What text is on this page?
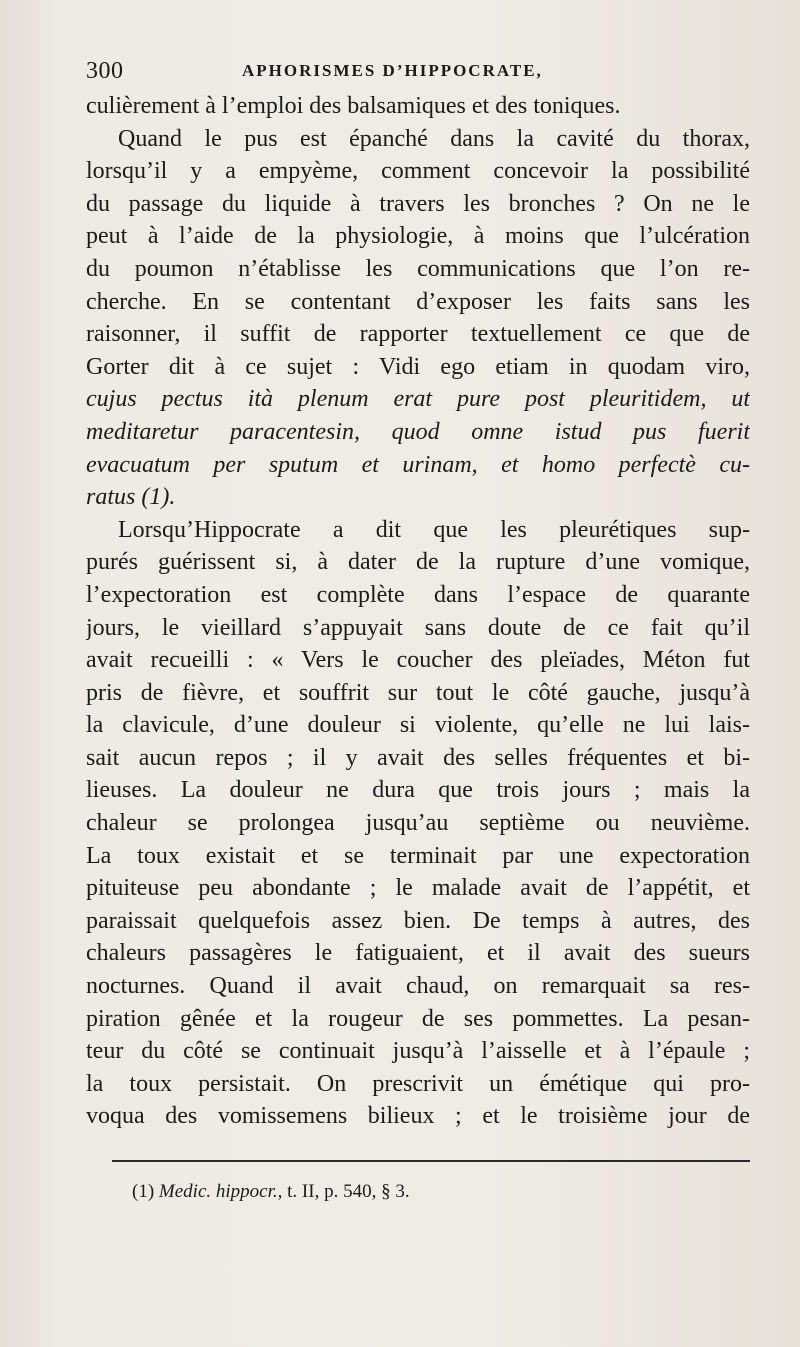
300	APHORISMES D’HIPPOCRATE,
culièrement à l’emploi des balsamiques et des toniques.
Quand le pus est épanché dans la cavité du thorax,
lorsqu’il y a empyème, comment concevoir la possibilité
du passage du liquide à travers les bronches ? On ne le
peut à l’aide de la physiologie, à moins que l’ulcération
du poumon n’établisse les communications que l’on re-
cherche. En se contentant d’exposer les faits sans les
raisonner, il suffit de rapporter textuellement ce que de
Gorter dit à ce sujet : Vidi ego etiam in quodam viro,
cujus pectus ità plenum erat pure post pleuritidem, ut
meditaretur paracentesin, quod omne istud pus fuerit
evacuatum per sputum et urinam, et homo perfectè cu-
ratus (1).
Lorsqu’Hippocrate a dit que les pleurétiques sup-
purés guérissent si, à dater de la rupture d’une vomique,
l’expectoration est complète dans l’espace de quarante
jours, le vieillard s’appuyait sans doute de ce fait qu’il
avait recueilli : « Vers le coucher des pleïades, Méton fut
pris de fièvre, et souffrit sur tout le côté gauche, jusqu’à
la clavicule, d’une douleur si violente, qu’elle ne lui lais-
sait aucun repos ; il y avait des selles fréquentes et bi-
lieuses. La douleur ne dura que trois jours ; mais la
chaleur se prolongea jusqu’au septième ou neuvième.
La toux existait et se terminait par une expectoration
pituiteuse peu abondante ; le malade avait de l’appétit, et
paraissait quelquefois assez bien. De temps à autres, des
chaleurs passagères le fatiguaient, et il avait des sueurs
nocturnes. Quand il avait chaud, on remarquait sa res-
piration gênée et la rougeur de ses pommettes. La pesan-
teur du côté se continuait jusqu’à l’aisselle et à l’épaule ;
la toux persistait. On prescrivit un émétique qui pro-
voqua des vomissemens bilieux ; et le troisième jour de
(1) Medic. hippocr., t. II, p. 540, § 3.
